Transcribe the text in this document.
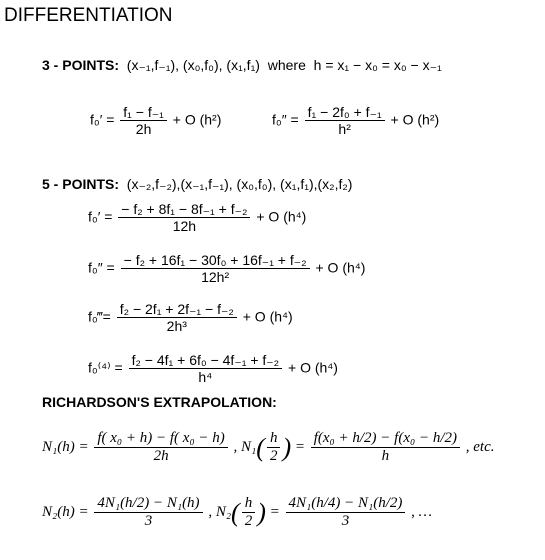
DIFFERENTIATION
3 - POINTS: (x₋₁,f₋₁), (x₀,f₀), (x₁,f₁) where h = x₁ − x₀ = x₀ − x₋₁
$f_0' = \frac{\text{f₁ − f₋₁}}{2h} + O$ (h²)	$f_0'' = \frac{\text{f₁ − 2f₀ + f₋₁}}{\text{h²}} + O$ (h²)
5 - POINTS: (x₋₂,f₋₂),(x₋₁,f₋₁), (x₀,f₀), (x₁,f₁),(x₂,f₂)
$f_0' = \frac{\text{− f₂ + 8f₁ − 8f₋₁ + f₋₂}}{12h} + O$ (h⁴)
$f_0'' = \frac{\text{− f₂ + 16f₁ − 30f₀ + 16f₋₁ + f₋₂}}{\text{12h²}} + O$ (h⁴)
f₀‴= $\frac{\text{f₂ − 2f₁ + 2f₋₁ − f₋₂}}{\text{2h³}} + O$ (h⁴)
$f_0^{(4)} = \frac{\text{f₂ − 4f₁ + 6f₀ − 4f₋₁ + f₋₂}}{\text{h⁴}} + O$ (h⁴)
RICHARDSON'S EXTRAPOLATION:
$N_1(h) = \frac{\text{f( x₀ + h) − f( x₀ − h)}}{2h}$ , $N_1( \frac{h}{2}$ ) = $\frac{\text{f(x₀ + h/2) − f(x₀ − h/2)}}{h}$ , etc.
$N_2(h) = \frac{\text{4N₁(h/2) − N₁(h)}}{3}$ , $N_2( \frac{h}{2}$ ) = $\frac{\text{4N₁(h/4) − N₁(h/2)}}{3}$ , …
